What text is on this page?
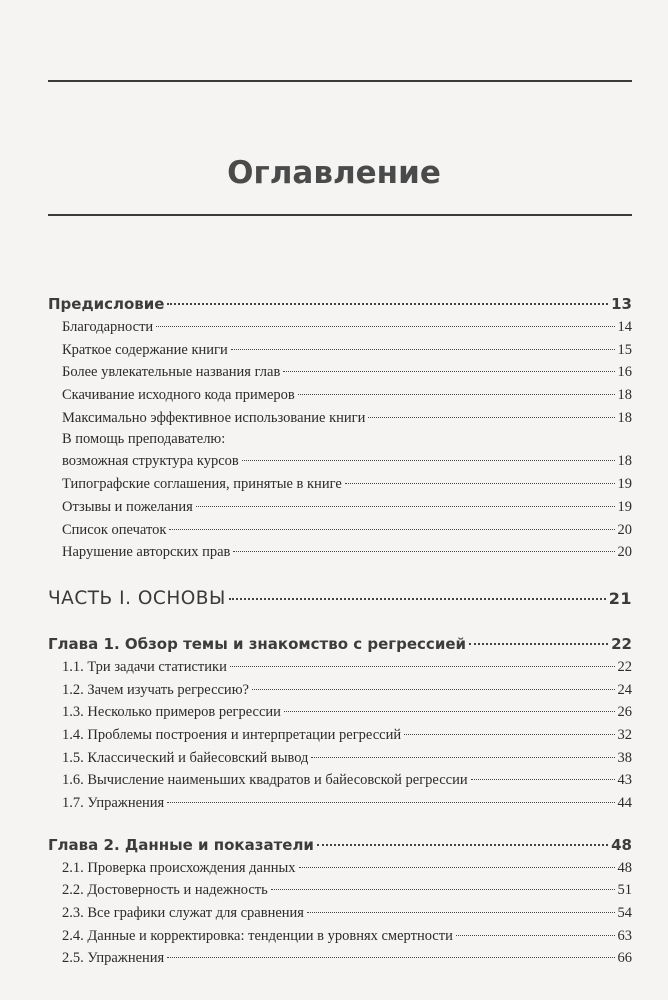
Оглавление
Предисловие	13
Благодарности	14
Краткое содержание книги	15
Более увлекательные названия глав	16
Скачивание исходного кода примеров	18
Максимально эффективное использование книги	18
В помощь преподавателю:
возможная структура курсов	18
Типографские соглашения, принятые в книге	19
Отзывы и пожелания	19
Список опечаток	20
Нарушение авторских прав	20
ЧАСТЬ I. ОСНОВЫ	21
Глава 1. Обзор темы и знакомство с регрессией	22
1.1. Три задачи статистики	22
1.2. Зачем изучать регрессию?	24
1.3. Несколько примеров регрессии	26
1.4. Проблемы построения и интерпретации регрессий	32
1.5. Классический и байесовский вывод	38
1.6. Вычисление наименьших квадратов и байесовской регрессии	43
1.7. Упражнения	44
Глава 2. Данные и показатели	48
2.1. Проверка происхождения данных	48
2.2. Достоверность и надежность	51
2.3. Все графики служат для сравнения	54
2.4. Данные и корректировка: тенденции в уровнях смертности	63
2.5. Упражнения	66
